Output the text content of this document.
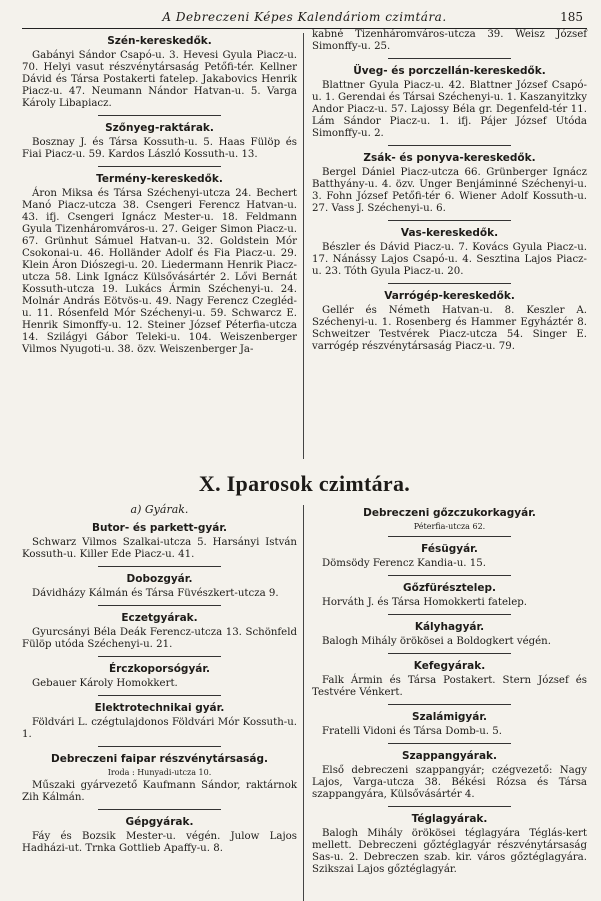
A Debreczeni Képes Kalendáriom czimtára.	185
Szén-kereskedők.

Gabányi Sándor Csapó-u. 3. Hevesi Gyula Piacz-u. 70. Helyi vasut részvénytársaság Petőfi-tér. Kellner Dávid és Társa Postakerti fatelep. Jakabovics Henrik Piacz-u. 47. Neumann Nándor Hatvan-u. 5. Varga Károly Libapiacz.

Szőnyeg-raktárak.

Bosznay J. és Társa Kossuth-u. 5. Haas Fülöp és Fiai Piacz-u. 59. Kardos László Kossuth-u. 13.

Termény-kereskedők.

Áron Miksa és Társa Széchenyi-utcza 24. Bechert Manó Piacz-utcza 38. Csengeri Ferencz Hatvan-u. 43. ifj. Csengeri Ignácz Mester-u. 18. Feldmann Gyula Tizenháromváros-u. 27. Geiger Simon Piacz-u. 67. Grünhut Sámuel Hatvan-u. 32. Goldstein Mór Csokonai-u. 46. Holländer Adolf és Fia Piacz-u. 29. Klein Áron Diószegi-u. 20. Liedermann Henrik Piacz-utcza 58. Link Ignácz Külsővásártér 2. Lővi Bernát Kossuth-utcza 19. Lukács Ármin Széchenyi-u. 24. Molnár András Eötvös-u. 49. Nagy Ferencz Czegléd-u. 11. Rósenfeld Mór Széchenyi-u. 59. Schwarcz E. Henrik Simonffy-u. 12. Steiner József Péterfia-utcza 14. Szilágyi Gábor Teleki-u. 104. Weiszenberger Vilmos Nyugoti-u. 38. özv. Weiszenberger Ja-

kabné Tizenháromváros-utcza 39. Weisz József Simonffy-u. 25.

Üveg- és porczellán-kereskedők.

Blattner Gyula Piacz-u. 42. Blattner József Csapó-u. 1. Gerendai és Társai Széchenyi-u. 1. Kaszanyitzky Andor Piacz-u. 57. Lajossy Béla gr. Degenfeld-tér 11. Lám Sándor Piacz-u. 1. ifj. Pájer József Utóda Simonffy-u. 2.

Zsák- és ponyva-kereskedők.

Bergel Dániel Piacz-utcza 66. Grünberger Ignácz Batthyány-u. 4. özv. Unger Benjáminné Széchenyi-u. 3. Fohn József Petőfi-tér 6. Wiener Adolf Kossuth-u. 27. Vass J. Széchenyi-u. 6.

Vas-kereskedők.

Bészler és Dávid Piacz-u. 7. Kovács Gyula Piacz-u. 17. Nánássy Lajos Csapó-u. 4. Sesztina Lajos Piacz-u. 23. Tóth Gyula Piacz-u. 20.

Varrógép-kereskedők.

Gellér és Németh Hatvan-u. 8. Keszler A. Széchenyi-u. 1. Rosenberg és Hammer Egyháztér 8. Schweitzer Testvérek Piacz-utcza 54. Singer E. varrógép részvénytársaság Piacz-u. 79.

X. Iparosok czimtára.
a) Gyárak.
Butor- és parkett-gyár.

Schwarz Vilmos Szalkai-utcza 5. Harsányi István Kossuth-u. Killer Ede Piacz-u. 41.

Dobozgyár.

Dávidházy Kálmán és Társa Füvészkert-utcza 9.

Eczetgyárak.

Gyurcsányi Béla Deák Ferencz-utcza 13. Schönfeld Fülöp utóda Széchenyi-u. 21.

Érczkoporsógyár.

Gebauer Károly Homokkert.

Elektrotechnikai gyár.

Földvári L. czégtulajdonos Földvári Mór Kossuth-u. 1.

Debreczeni faipar részvénytársaság.
Iroda : Hunyadi-utcza 10.

Műszaki gyárvezető Kaufmann Sándor, raktárnok Zih Kálmán.

Gépgyárak.

Fáy és Bozsik Mester-u. végén. Julow Lajos Hadházi-ut. Trnka Gottlieb Apaffy-u. 8.

Debreczeni gőzczukorkagyár.
Péterfia-utcza 62.
Fésügyár.

Dömsödy Ferencz Kandia-u. 15.

Gőzfürésztelep.

Horváth J. és Társa Homokkerti fatelep.

Kályhagyár.

Balogh Mihály örökösei a Boldogkert végén.

Kefegyárak.

Falk Ármin és Társa Postakert. Stern József és Testvére Vénkert.

Szalámigyár.

Fratelli Vidoni és Társa Domb-u. 5.

Szappangyárak.

Első debreczeni szappangyár; czégvezető: Nagy Lajos, Varga-utcza 38. Békési Rózsa és Társa szappangyára, Külsővásártér 4.

Téglagyárak.

Balogh Mihály örökösei téglagyára Téglás-kert mellett. Debreczeni gőztéglagyár részvénytársaság Sas-u. 2. Debreczen szab. kir. város gőztéglagyára. Szikszai Lajos gőztéglagyár.
